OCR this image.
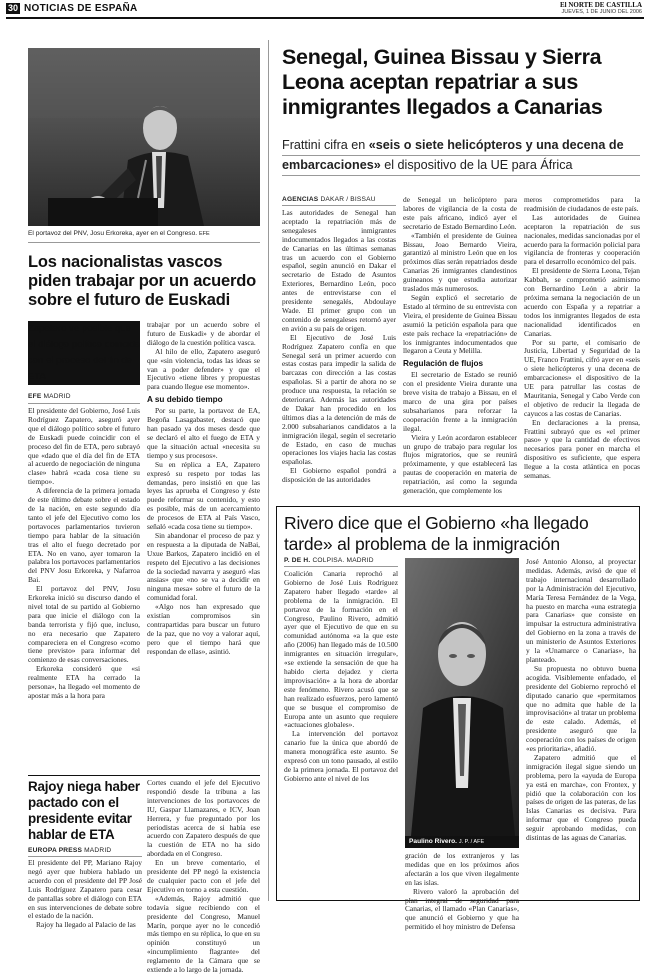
30 NOTICIAS DE ESPAÑA	El NORTE DE CASTILLA
JUEVES, 1 DE JUNIO DEL 2006
El portavoz del PNV, Josu Erkoreka, ayer en el Congreso. EFE
Los nacionalistas vascos piden trabajar por un acuerdo sobre el futuro de Euskadi
Zapatero ve posible que el diálogo político coincida con el proceso del fin de ETA
EFE MADRID

El presidente del Gobierno, José Luis Rodríguez Zapatero, aseguró ayer que el diálogo político sobre el futuro de Euskadi puede coincidir con el proceso del fin de ETA, pero subrayó que «dado que el día del fin de ETA al acuerdo de negociación de ninguna clase» habrá «cada cosa tiene su tiempo».

A diferencia de la primera jornada de este último debate sobre el estado de la nación, en este segundo día tanto el jefe del Ejecutivo como los portavoces parlamentarios tuvieron tiempo para hablar de la situación tras el alto el fuego decretado por ETA. No en vano, ayer tomaron la palabra los portavoces parlamentarios del PNV Josu Erkoreka, y Nafarroa Bai.

El portavoz del PNV, Josu Erkoreka inició su discurso dando el nivel total de su partido al Gobierno para que inicie el diálogo con la banda terrorista y fijó que, incluso, no era necesario que Zapatero compareciera en el Congreso «como tiene previsto» para informar del comienzo de esas conversaciones.

Erkoreka consideró que «si realmente ETA ha cerrado la persona», ha llegado «el momento de apostar más a la hora para

trabajar por un acuerdo sobre el futuro de Euskadi» y de abordar el diálogo de la cuestión política vasca.

Al hilo de ello, Zapatero aseguró que «sin violencia, todas las ideas se van a poder defender» y que el Ejecutivo «tiene libres y propuestas para cuando llegue ese momento».

A su debido tiempo

Por su parte, la portavoz de EA, Begoña Lasagabaster, destacó que han pasado ya dos meses desde que se declaró el alto el fuego de ETA y que la situación actual «necesita su tiempo y sus procesos».

Su en réplica a EA, Zapatero expresó su respeto por todas las demandas, pero insistió en que las leyes las aprueba el Congreso y éste puede reformar su contenido, y esto es posible, más de un acercamiento de procesos de ETA al País Vasco, señaló «cada cosa tiene su tiempo».

Sin abandonar el proceso de paz y en respuesta a la diputada de NaBai, Uxue Barkos, Zapatero incidió en el respeto del Ejecutivo a las decisiones de la sociedad navarra y aseguró «las ansias» que «no se va a decidir en ninguna mesa» sobre el futuro de la comunidad foral.

«Algo nos han expresado que existían compromisos sin contrapartidas para buscar un futuro de la paz, que no voy a valorar aquí, pero que el tiempo hará que respondan de ellas», asintió.

Rajoy niega haber pactado con el presidente evitar hablar de ETA
EUROPA PRESS MADRID

El presidente del PP, Mariano Rajoy negó ayer que hubiera hablado un acuerdo con el presidente del PP José Luis Rodríguez Zapatero para cesar de pantallas sobre el diálogo con ETA en sus intervenciones de debate sobre el estado de la nación.

Rajoy ha llegado al Palacio de las

Cortes cuando el jefe del Ejecutivo respondió desde la tribuna a las intervenciones de los portavoces de IU, Gaspar Llamazares, e ICV, Joan Herrera, y fue preguntado por los periodistas acerca de si había ese acuerdo con Zapatero después de que la cuestión de ETA no ha sido abordada en el Congreso.

En un breve comentario, el presidente del PP negó la existencia de cualquier pacto con el jefe del Ejecutivo en torno a esta cuestión.

«Además, Rajoy admitió que todavía sigue recibiendo con el presidente del Congreso, Manuel Marín, porque ayer no le concedió más tiempo en su réplica, lo que en su opinión constituyó un «incumplimiento flagrante» del reglamento de la Cámara que se extiende a lo largo de la jornada.

Senegal, Guinea Bissau y Sierra Leona aceptan repatriar a sus inmigrantes llegados a Canarias
Frattini cifra en «seis o siete helicópteros y una decena de embarcaciones» el dispositivo de la UE para África
AGENCIAS DAKAR / BISSAU

Las autoridades de Senegal han aceptado la repatriación más de senegaleses inmigrantes indocumentados llegados a las costas de Canarias en las últimas semanas tras un acuerdo con el Gobierno español, según anunció en Dakar el secretario de Estado de Asuntos Exteriores, Bernardino León, poco antes de entrevistarse con el presidente senegalés, Abdoulaye Wade. El primer grupo con un contenido de senegaleses retornó ayer en avión a su país de origen.

El Ejecutivo de José Luis Rodríguez Zapatero confía en que Senegal será un primer acuerdo con estas costas para impedir la salida de barcazas con dirección a las costas españolas. Si a partir de ahora no se produce una respuesta, la relación se deteriorará. Además las autoridades de Dakar han procedido en los últimos días a la detención de más de 2.000 subsaharianos candidatos a la inmigración ilegal, según el secretario de Estado, en caso de muchas operaciones los viajes hacia las costas españolas.

El Gobierno español pondrá a disposición de las autoridades

de Senegal un helicóptero para labores de vigilancia de la costa de este país africano, indicó ayer el secretario de Estado Bernardino León.

«También el presidente de Guinea Bissau, Joao Bernardo Vieira, garantizó al ministro León que en los próximos días serán repatriados desde Canarias 26 inmigrantes clandestinos guineanos y que estudia autorizar traslados más numerosos.

Según explicó el secretario de Estado al término de su entrevista con Vieira, el presidente de Guinea Bissau asumió la petición española para que este país rechace la «repatriación» de los inmigrantes indocumentados que llegaron a Ceuta y Melilla.

Regulación de flujos

El secretario de Estado se reunió con el presidente Vieira durante una breve visita de trabajo a Bissau, en el marco de una gira por países subsaharianos para reforzar la cooperación frente a la inmigración ilegal.

Vieira y León acordaron establecer un grupo de trabajo para regular los flujos migratorios, que se reunirá próximamente, y que establecerá las pautas de cooperación en materia de repatriación, así como la segunda generación, que complemente los

meros comprometidos para la readmisión de ciudadanos de este país.

Las autoridades de Guinea aceptaron la repatriación de sus nacionales, medidas sancionadas por el acuerdo para la formación policial para vigilancia de fronteras y cooperación para el desarrollo económico del país.

El presidente de Sierra Leona, Tejan Kabbah, se comprometió asimismo con Bernardino León a abrir la próxima semana la negociación de un acuerdo con España y a repatriar a todos los inmigrantes llegados de esta nacionalidad identificados en Canarias.

Por su parte, el comisario de Justicia, Libertad y Seguridad de la UE, Franco Frattini, cifró ayer en «seis o siete helicópteros y una decena de embarcaciones» el dispositivo de la UE para patrullar las costas de Mauritania, Senegal y Cabo Verde con el objetivo de reducir la llegada de cayucos a las costas de Canarias.

En declaraciones a la prensa, Frattini subrayó que es «el primer paso» y que la cantidad de efectivos necesarios para poner en marcha el dispositivo es suficiente, que espera llegue a la costa atlántica en pocas semanas.

Rivero dice que el Gobierno «ha llegado tarde» al problema de la inmigración
P. DE H. COLPISA. MADRID

Coalición Canaria reprochó al Gobierno de José Luis Rodríguez Zapatero haber llegado «tarde» al problema de la inmigración. El portavoz de la formación en el Congreso, Paulino Rivero, admitió ayer que el Ejecutivo de que en su comunidad autónoma «a la que este año (2006) han llegado más de 10.500 inmigrantes en situación irregular», «se extiende la sensación de que ha habido cierta dejadez y cierta improvisación» a la hora de abordar este fenómeno. Rivero acusó que se han realizado esfuerzos, pero lamentó que se busque el compromiso de Europa ante un asunto que requiere «actuaciones globales».

La intervención del portavoz canario fue la única que abordó de manera monográfica este asunto. Se expresó con un tono pausado, al estilo de la primera jornada. El portavoz del Gobierno ante el nivel de los

Paulino Rivero. J. P. / AFE

gración de los extranjeros y las medidas que en los próximos años afectarán a los que viven ilegalmente en las islas.

Rivero valoró la aprobación del plan integral de seguridad para Canarias, el llamado «Plan Canarias», que anunció el Gobierno y que ha permitido el hoy ministro de Defensa

José Antonio Alonso, al proyectar medidas. Además, avisó de que el trabajo internacional desarrollado por la Administración del Ejecutivo, María Teresa Fernández de la Vega, ha puesto en marcha «una estrategia para Canarias» que consiste en impulsar la estructura administrativa del Gobierno en la zona a través de un ministerio de Asuntos Exteriores y la «Unamarce o Canarias», ha planteado.

Su propuesta no obtuvo buena acogida. Visiblemente enfadado, el presidente del Gobierno reprochó el diputado canario que «permitamos que no admita que hable de la improvisación» al tratar un problema de este calado. Además, el presidente aseguró que la cooperación con los países de origen «es prioritaria», añadió.

Zapatero admitió que el inmigración ilegal sigue siendo un problema, pero la «ayuda de Europa ya está en marcha», con Frontex, y pidió que la colaboración con los países de origen de las pateras, de las Islas Canarias es decisiva. Para informar que el Congreso pueda seguir aprobando medidas, con distintas de las aguas de Canarias.
